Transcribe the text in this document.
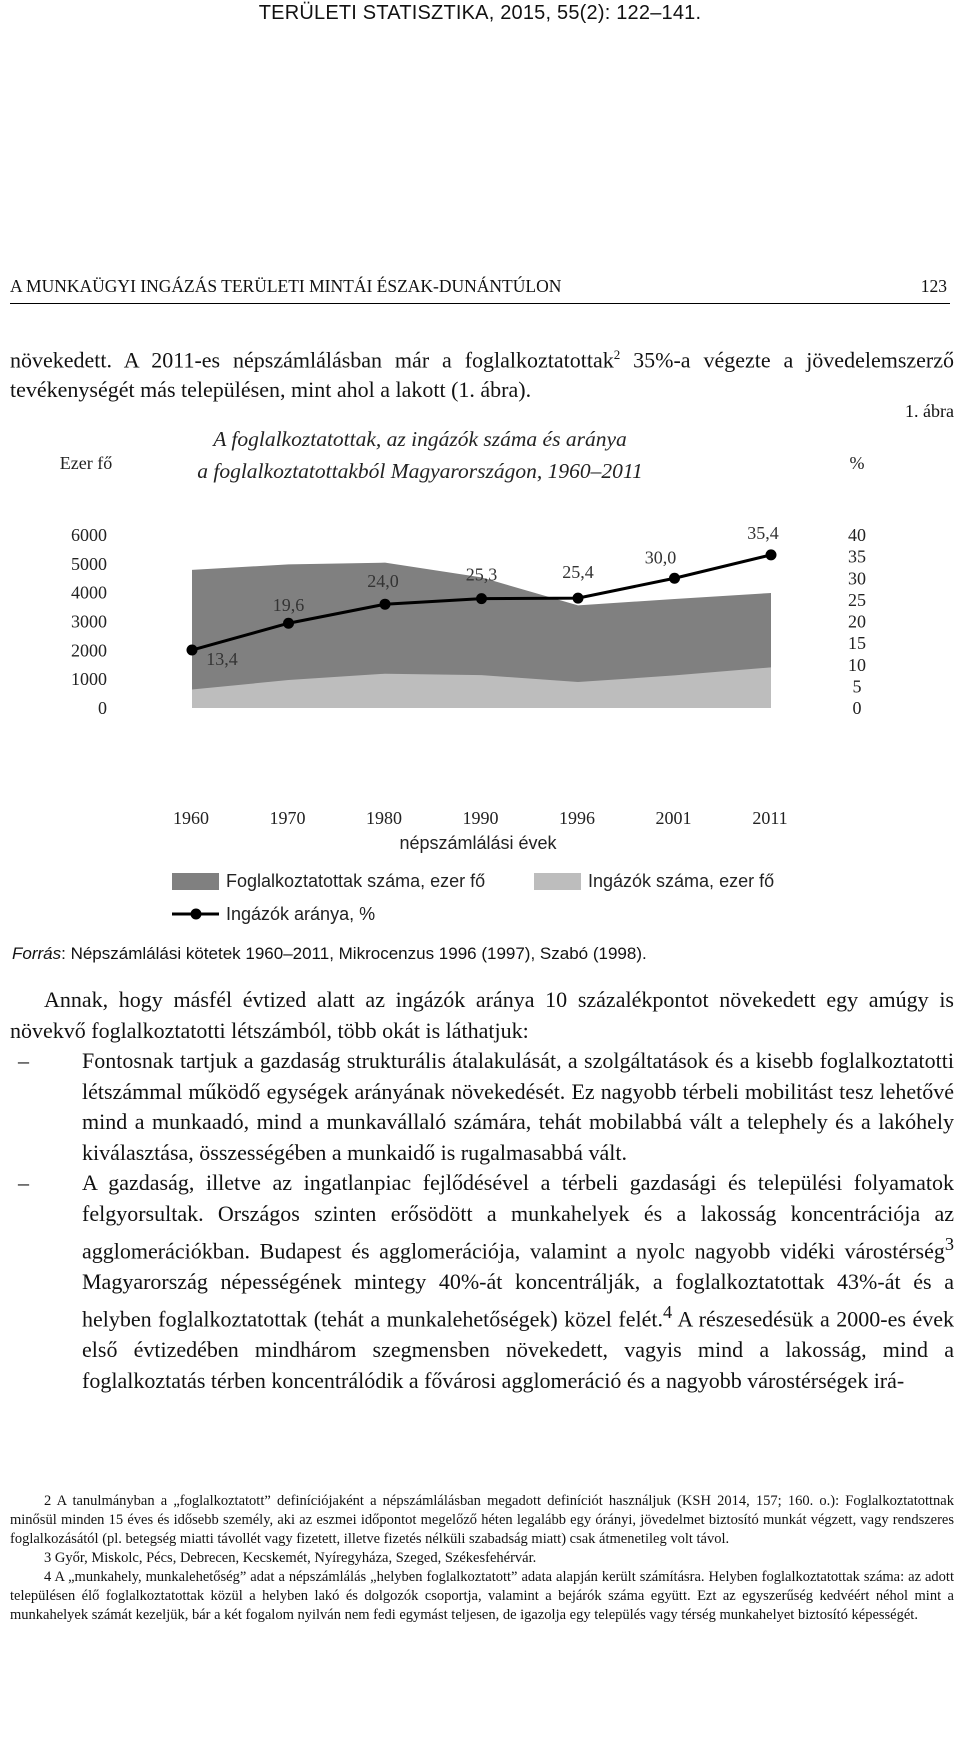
TERÜLETI STATISZTIKA, 2015, 55(2): 122–141.
A MUNKAÜGYI INGÁZÁS TERÜLETI MINTÁI ÉSZAK-DUNÁNTÚLON	123
növekedett. A 2011-es népszámlálásban már a foglalkoztatottak$^2$ 35%-a végezte a jövedelemszerző tevékenységét más településen, mint ahol a lakott (1. ábra).
1. ábra
A foglalkoztatottak, az ingázók száma és aránya
a foglalkoztatottakból Magyarországon, 1960–2011
Ezer fő	%
6000
5000
4000
3000
2000
1000
0
40
35
30
25
20
15
10
5
0
1960	1970	1980	1990	1996	2001	2011
népszámlálási évek
13,4
19,6
24,0	25,3	25,4
30,0
35,4
Foglalkoztatottak száma, ezer fő	Ingázók száma, ezer fő
Ingázók aránya, %
Forrás: Népszámlálási kötetek 1960–2011, Mikrocenzus 1996 (1997), Szabó (1998).

Annak, hogy másfél évtized alatt az ingázók aránya 10 százalékpontot növekedett egy amúgy is növekvő foglalkoztatotti létszámból, több okát is láthatjuk:

– Fontosnak tartjuk a gazdaság strukturális átalakulását, a szolgáltatások és a kisebb foglalkoztatotti létszámmal működő egységek arányának növekedését. Ez nagyobb térbeli mobilitást tesz lehetővé mind a munkaadó, mind a munkavállaló számára, tehát mobilabbá vált a telephely és a lakóhely kiválasztása, összességében a munkaidő is rugalmasabbá vált.

– A gazdaság, illetve az ingatlanpiac fejlődésével a térbeli gazdasági és települési folyamatok felgyorsultak. Országos szinten erősödött a munkahelyek és a lakosság koncentrációja az agglomerációkban. Budapest és agglomerációja, valamint a nyolc nagyobb vidéki várostérség$^3$ Magyarország népességének mintegy 40%-át koncentrálják, a foglalkoztatottak 43%-át és a helyben foglalkoztatottak (tehát a munkalehetőségek) közel felét.$^4$ A részesedésük a 2000-es évek első évtizedében mindhárom szegmensben növekedett, vagyis mind a lakosság, mind a foglalkoztatás térben koncentrálódik a fővárosi agglomeráció és a nagyobb várostérségek irá-

2 A tanulmányban a „foglalkoztatott” definíciójaként a népszámlálásban megadott definíciót használjuk (KSH 2014, 157; 160. o.): Foglalkoztatottnak minősül minden 15 éves és idősebb személy, aki az eszmei időpontot megelőző héten legalább egy órányi, jövedelmet biztosító munkát végzett, vagy rendszeres foglalkozásától (pl. betegség miatti távollét vagy fizetett, illetve fizetés nélküli szabadság miatt) csak átmenetileg volt távol.

3 Győr, Miskolc, Pécs, Debrecen, Kecskemét, Nyíregyháza, Szeged, Székesfehérvár.

4 A „munkahely, munkalehetőség” adat a népszámlálás „helyben foglalkoztatott” adata alapján került számításra. Helyben foglalkoztatottak száma: az adott településen élő foglalkoztatottak közül a helyben lakó és dolgozók csoportja, valamint a bejárók száma együtt. Ezt az egyszerűség kedvéért néhol mint a munkahelyek számát kezeljük, bár a két fogalom nyilván nem fedi egymást teljesen, de igazolja egy település vagy térség munkahelyet biztosító képességét.
